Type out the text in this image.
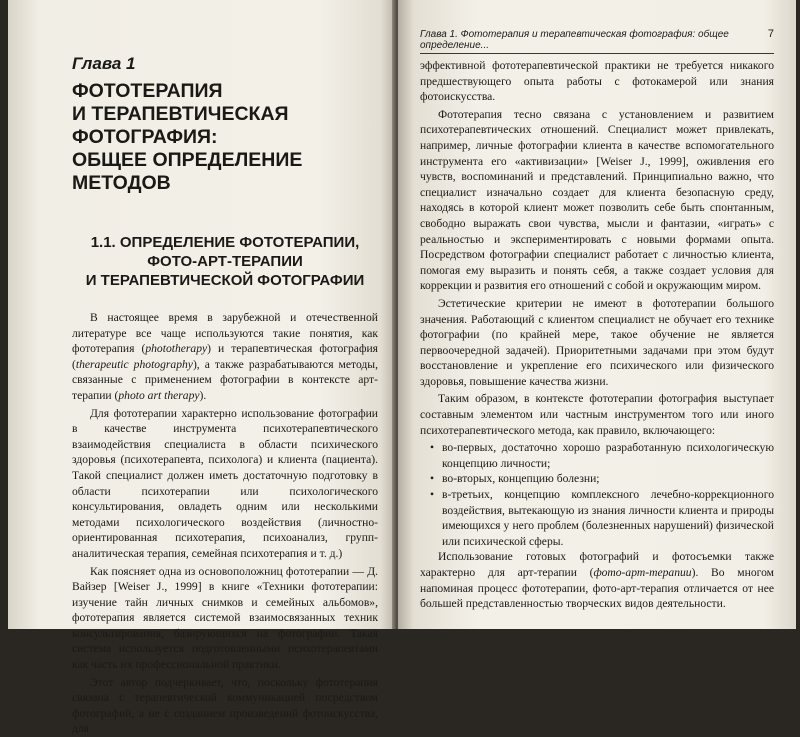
Глава 1
ФОТОТЕРАПИЯ
И ТЕРАПЕВТИЧЕСКАЯ ФОТОГРАФИЯ:
ОБЩЕЕ ОПРЕДЕЛЕНИЕ МЕТОДОВ
1.1. ОПРЕДЕЛЕНИЕ ФОТОТЕРАПИИ,
ФОТО-АРТ-ТЕРАПИИ
И ТЕРАПЕВТИЧЕСКОЙ ФОТОГРАФИИ

В настоящее время в зарубежной и отечественной литературе все чаще используются такие понятия, как фототерапия (phototherapy) и терапевтическая фотография (therapeutic photography), а также разрабатываются методы, связанные с применением фотографии в контексте арт-терапии (photo art therapy).

Для фототерапии характерно использование фотографии в качестве инструмента психотерапевтического взаимодействия специалиста в области психического здоровья (психотерапевта, психолога) и клиента (пациента). Такой специалист должен иметь достаточную подготовку в области психотерапии или психологического консультирования, овладеть одним или несколькими методами психологического воздействия (личностно-ориентированная психотерапия, психоанализ, групп-аналитическая терапия, семейная психотерапия и т. д.)

Как поясняет одна из основоположниц фототерапии — Д. Вайзер [Weiser J., 1999] в книге «Техники фототерапии: изучение тайн личных снимков и семейных альбомов», фототерапия является системой взаимосвязанных техник консультирования, базирующихся на фотографии. Такая система используется подготовленными психотерапевтами как часть их профессиональной практики.

Этот автор подчеркивает, что, поскольку фототерапия связана с терапевтической коммуникацией посредством фотографий, а не с созданием произведений фотоискусства, для

Глава 1. Фототерапия и терапевтическая фотография: общее определение...
7

эффективной фототерапевтической практики не требуется никакого предшествующего опыта работы с фотокамерой или знания фотоискусства.

Фототерапия тесно связана с установлением и развитием психотерапевтических отношений. Специалист может привлекать, например, личные фотографии клиента в качестве вспомогательного инструмента его «активизации» [Weiser J., 1999], оживления его чувств, воспоминаний и представлений. Принципиально важно, что специалист изначально создает для клиента безопасную среду, находясь в которой клиент может позволить себе быть спонтанным, свободно выражать свои чувства, мысли и фантазии, «играть» с реальностью и экспериментировать с новыми формами опыта. Посредством фотографии специалист работает с личностью клиента, помогая ему выразить и понять себя, а также создает условия для коррекции и развития его отношений с собой и окружающим миром.

Эстетические критерии не имеют в фототерапии большого значения. Работающий с клиентом специалист не обучает его технике фотографии (по крайней мере, такое обучение не является первоочередной задачей). Приоритетными задачами при этом будут восстановление и укрепление его психического или физического здоровья, повышение качества жизни.

Таким образом, в контексте фототерапии фотография выступает составным элементом или частным инструментом того или иного психотерапевтического метода, как правило, включающего:

• во-первых, достаточно хорошо разработанную психологическую концепцию личности;
• во-вторых, концепцию болезни;
• в-третьих, концепцию комплексного лечебно-коррекционного воздействия, вытекающую из знания личности клиента и природы имеющихся у него проблем (болезненных нарушений) физической или психической сферы.

Использование готовых фотографий и фотосъемки также характерно для арт-терапии (фото-арт-терапии). Во многом напоминая процесс фототерапии, фото-арт-терапия отличается от нее большей представленностью творческих видов деятельности.
